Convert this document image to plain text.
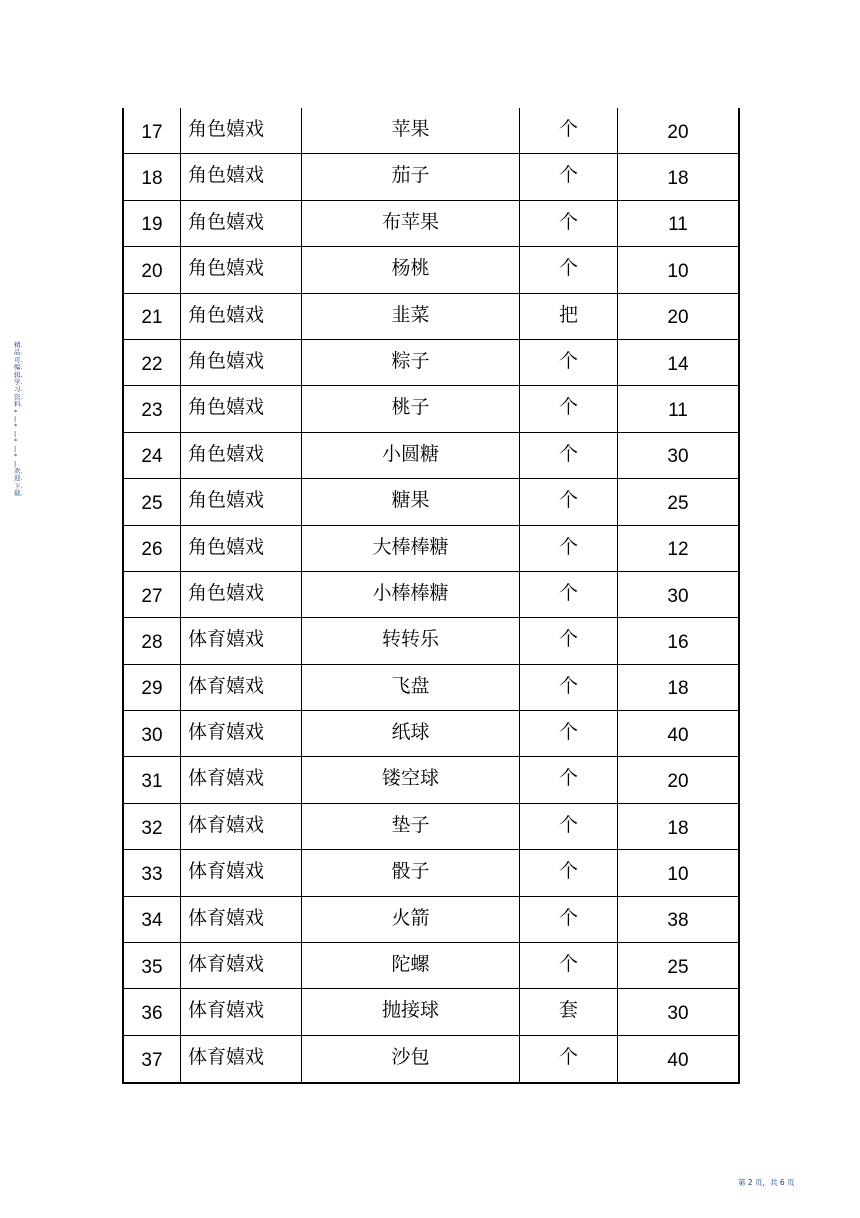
17	角色嬉戏	苹果	个	20
18	角色嬉戏	茄子	个	18
19	角色嬉戏	布苹果	个	11
20	角色嬉戏	杨桃	个	10
21	角色嬉戏	韭菜	把	20
22	角色嬉戏	粽子	个	14
23	角色嬉戏	桃子	个	11
24	角色嬉戏	小圆糖	个	30
25	角色嬉戏	糖果	个	25
26	角色嬉戏	大棒棒糖	个	12
27	角色嬉戏	小棒棒糖	个	30
28	体育嬉戏	转转乐	个	16
29	体育嬉戏	飞盘	个	18
30	体育嬉戏	纸球	个	40
31	体育嬉戏	镂空球	个	20
32	体育嬉戏	垫子	个	18
33	体育嬉戏	骰子	个	10
34	体育嬉戏	火箭	个	38
35	体育嬉戏	陀螺	个	25
36	体育嬉戏	抛接球	套	30
37	体育嬉戏	沙包	个	40
精.
品.
可.
编.
辑.
学.
习.
资.
料.
*
|
*
|
*
|
*
|
欢.
迎.
下.
载.
第 2 页，共 6 页
